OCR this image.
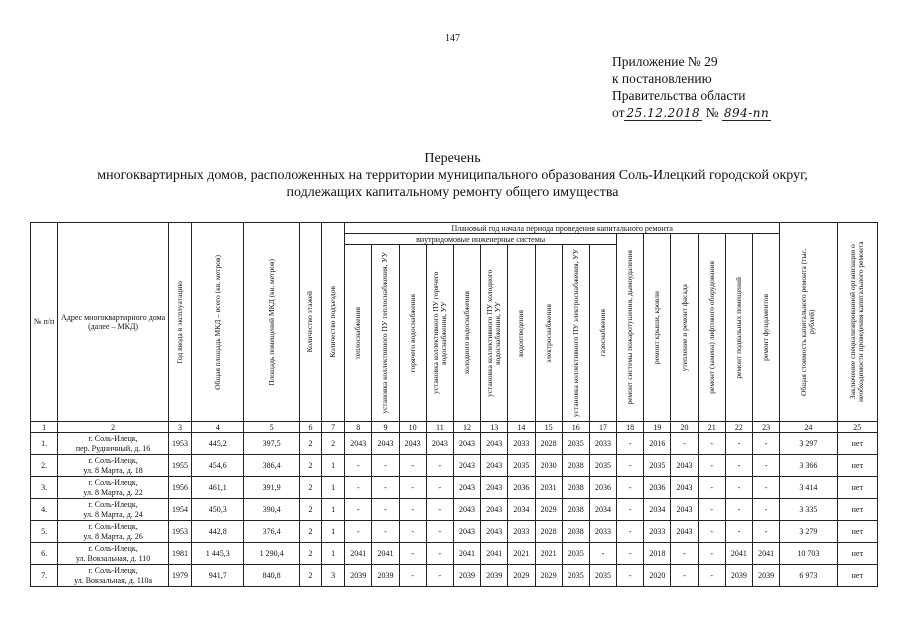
147
Приложение № 29
к постановлению
Правительства области
от 25.12.2018 № 894-пп
Перечень
многоквартирных домов, расположенных на территории муниципального образования Соль-Илецкий городской округ,
подлежащих капитальному ремонту общего имущества
№ п/п	Адрес многоквартирного дома (далее – МКД)	Год ввода в эксплуатацию	Общая площадь МКД – всего (кв. метров)	Площадь помещений МКД (кв. метров)	Количество этажей	Количество подъездов	Плановый год начала периода проведения капитального ремонта																Общая стоимость капитального ремонта (тыс. рублей)	Заключение специализированной организации о необходимости проведения капитального ремонта

							внутридомовые инженерные системы										ремонт системы пожаротушения, дымоудаления	ремонт крыши, кровли	утепление и ремонт фасада	ремонт (замена) лифтового оборудования	ремонт подвальных помещений	ремонт фундаментов		

							теплоснабжения	установка коллективного ПУ теплоснабжения, УУ	горячего водоснабжения	установка коллективного ПУ горячего водоснабжения, УУ	холодного водоснабжения	установка коллективного ПУ холодного водоснабжения, УУ	водоотведения	электроснабжения	установка коллективного ПУ электроснабжения, УУ	газоснабжения								

1	2	3	4	5	6	7	8	9	10	11	12	13	14	15	16	17	18	19	20	21	22	23	24	25
1.	г. Соль-Илецк,
пер. Рудничный, д. 16	1953	445,2	397,5	2	2	2043	2043	2043	2043	2043	2043	2033	2028	2035	2033	-	2016	-	-	-	-	3 297	нет
2.	г. Соль-Илецк,
ул. 8 Марта, д. 18	1955	454,6	386,4	2	1	-	-	-	-	2043	2043	2035	2030	2038	2035	-	2035	2043	-	-	-	3 366	нет
3.	г. Соль-Илецк,
ул. 8 Марта, д. 22	1956	461,1	391,9	2	1	-	-	-	-	2043	2043	2036	2031	2038	2036	-	2036	2043	-	-	-	3 414	нет
4.	г. Соль-Илецк,
ул. 8 Марта, д. 24	1954	450,3	390,4	2	1	-	-	-	-	2043	2043	2034	2029	2038	2034	-	2034	2043	-	-	-	3 335	нет
5.	г. Соль-Илецк,
ул. 8 Марта, д. 26	1953	442,8	376,4	2	1	-	-	-	-	2043	2043	2033	2028	2038	2033	-	2033	2043	-	-	-	3 279	нет
6.	г. Соль-Илецк,
ул. Вокзальная, д. 110	1981	1 445,3	1 290,4	2	1	2041	2041	-	-	2041	2041	2021	2021	2035	-	-	2018	-	-	2041	2041	10 703	нет
7.	г. Соль-Илецк,
ул. Вокзальная, д. 110а	1979	941,7	840,8	2	3	2039	2039	-	-	2039	2039	2029	2029	2035	2035	-	2020	-	-	2039	2039	6 973	нет
